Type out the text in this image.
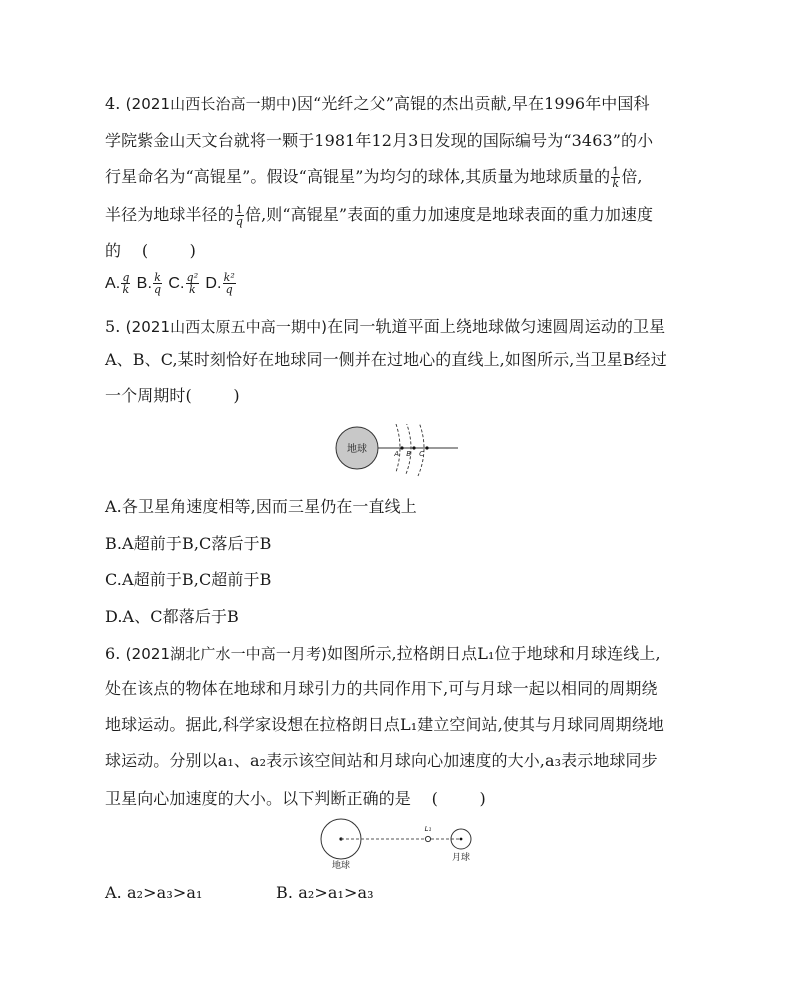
4. (2021山西长治高一期中)因“光纤之父”高锟的杰出贡献,早在1996年中国科
学院紫金山天文台就将一颗于1981年12月3日发现的国际编号为“3463”的小
行星命名为“高锟星”。假设“高锟星”为均匀的球体,其质量为地球质量的 $\frac{1}{k}$ 倍,
半径为地球半径的 $\frac{1}{q}$ 倍,则“高锟星”表面的重力加速度是地球表面的重力加速度
的    (        )
A. $\frac{q}{k} B$. $\frac{k}{q} C$. $\frac{\text{q²}}{k} D$. $\frac{\text{k²}}{q}$
5. (2021山西太原五中高一期中)在同一轨道平面上绕地球做匀速圆周运动的卫星
A、B、C,某时刻恰好在地球同一侧并在过地心的直线上,如图所示,当卫星B经过
一个周期时(        )
地球	A B C
A.各卫星角速度相等,因而三星仍在一直线上
B.A超前于B,C落后于B
C.A超前于B,C超前于B
D.A、C都落后于B
6. (2021湖北广水一中高一月考)如图所示,拉格朗日点L₁位于地球和月球连线上,
处在该点的物体在地球和月球引力的共同作用下,可与月球一起以相同的周期绕
地球运动。据此,科学家设想在拉格朗日点L₁建立空间站,使其与月球同周期绕地
球运动。分别以a₁、a₂表示该空间站和月球向心加速度的大小,a₃表示地球同步
卫星向心加速度的大小。以下判断正确的是    (        )
L₁
地球
月球
A. a₂>a₃>a₁	B. a₂>a₁>a₃
